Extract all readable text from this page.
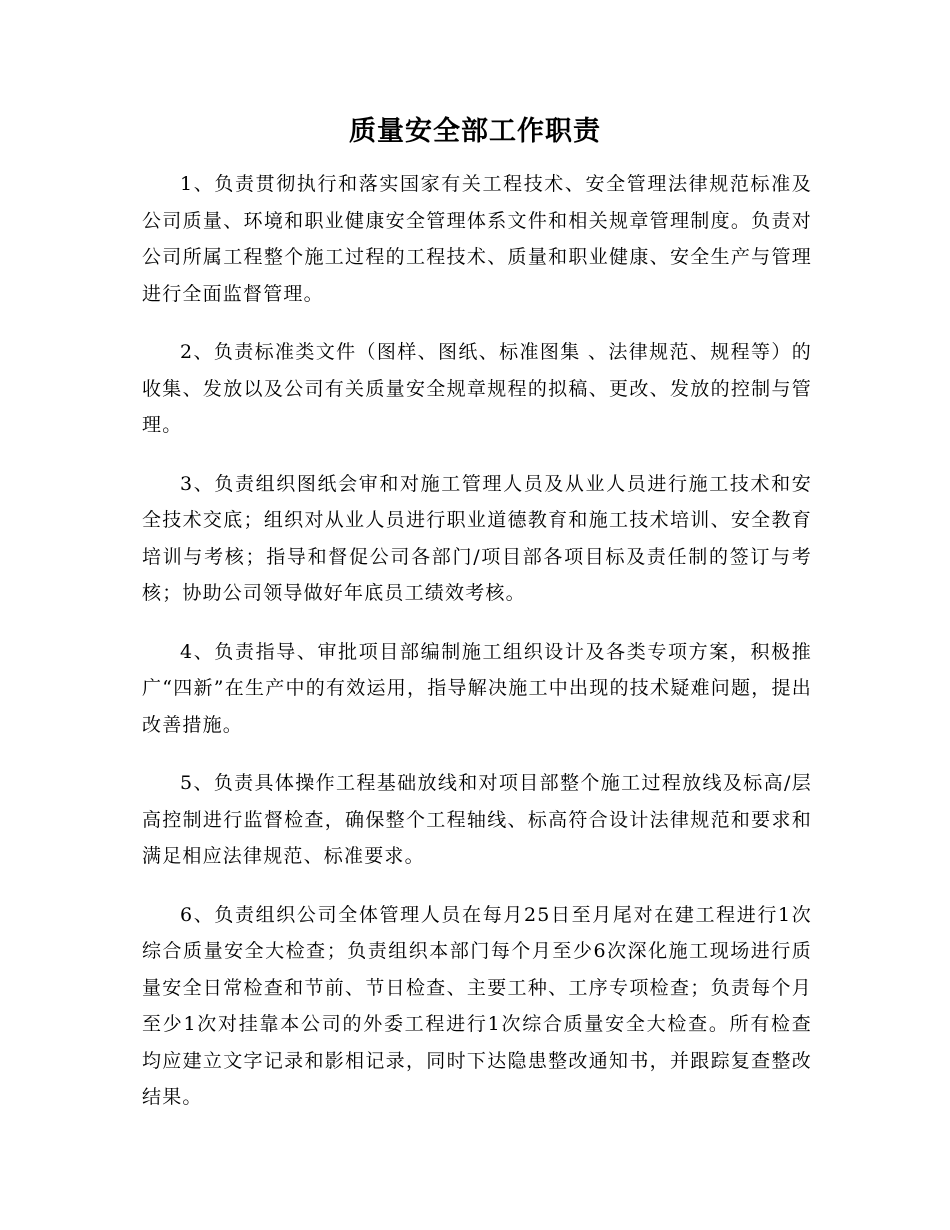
质量安全部工作职责

1、负责贯彻执行和落实国家有关工程技术、安全管理法律规范标准及公司质量、环境和职业健康安全管理体系文件和相关规章管理制度。负责对公司所属工程整个施工过程的工程技术、质量和职业健康、安全生产与管理进行全面监督管理。

2、负责标准类文件（图样、图纸、标准图集 、法律规范、规程等）的收集、发放以及公司有关质量安全规章规程的拟稿、更改、发放的控制与管理。

3、负责组织图纸会审和对施工管理人员及从业人员进行施工技术和安全技术交底；组织对从业人员进行职业道德教育和施工技术培训、安全教育培训与考核；指导和督促公司各部门/项目部各项目标及责任制的签订与考核；协助公司领导做好年底员工绩效考核。

4、负责指导、审批项目部编制施工组织设计及各类专项方案，积极推广“四新”在生产中的有效运用，指导解决施工中出现的技术疑难问题，提出改善措施。

5、负责具体操作工程基础放线和对项目部整个施工过程放线及标高/层高控制进行监督检查，确保整个工程轴线、标高符合设计法律规范和要求和满足相应法律规范、标准要求。

6、负责组织公司全体管理人员在每月25日至月尾对在建工程进行1次综合质量安全大检查；负责组织本部门每个月至少6次深化施工现场进行质量安全日常检查和节前、节日检查、主要工种、工序专项检查；负责每个月至少1次对挂靠本公司的外委工程进行1次综合质量安全大检查。所有检查均应建立文字记录和影相记录，同时下达隐患整改通知书，并跟踪复查整改结果。
